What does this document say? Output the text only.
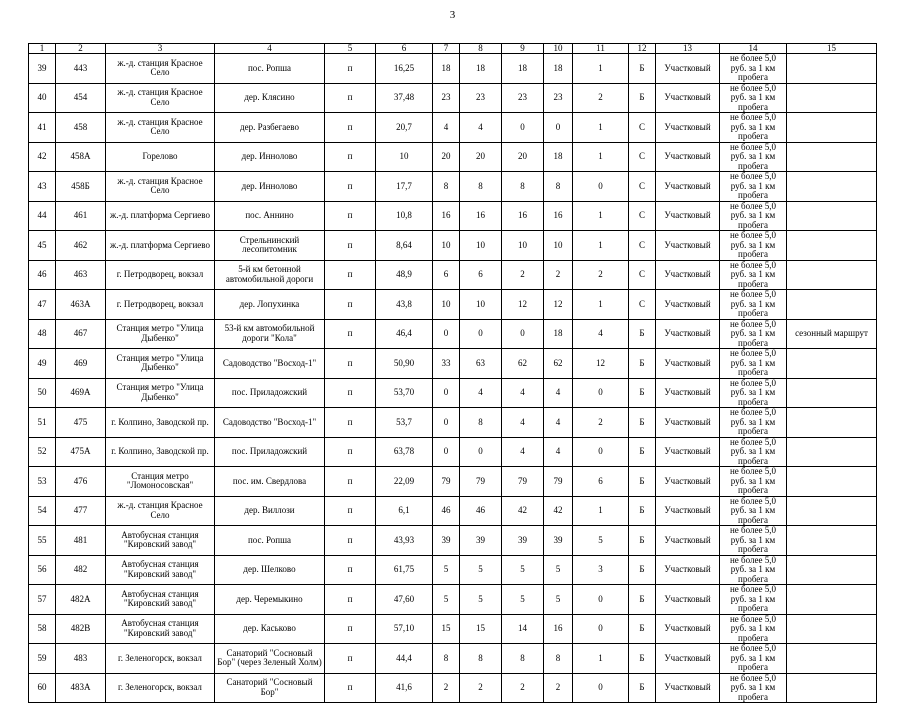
3
1	2	3	4	5	6	7	8	9	10	11	12	13	14	15
39	443	ж.-д. станция Красное Село	пос. Ропша	п	16,25	18	18	18	18	1	Б	Участковый	не более 5,0 руб. за 1 км пробега	
40	454	ж.-д. станция Красное Село	дер. Клясино	п	37,48	23	23	23	23	2	Б	Участковый	не более 5,0 руб. за 1 км пробега	
41	458	ж.-д. станция Красное Село	дер. Разбегаево	п	20,7	4	4	0	0	1	С	Участковый	не более 5,0 руб. за 1 км пробега	
42	458А	Горелово	дер. Иннолово	п	10	20	20	20	18	1	С	Участковый	не более 5,0 руб. за 1 км пробега	
43	458Б	ж.-д. станция Красное Село	дер. Иннолово	п	17,7	8	8	8	8	0	С	Участковый	не более 5,0 руб. за 1 км пробега	
44	461	ж.-д. платформа Сергиево	пос. Аннино	п	10,8	16	16	16	16	1	С	Участковый	не более 5,0 руб. за 1 км пробега	
45	462	ж.-д. платформа Сергиево	Стрельнинский лесопитомник	п	8,64	10	10	10	10	1	С	Участковый	не более 5,0 руб. за 1 км пробега	
46	463	г. Петродворец, вокзал	5-й км бетонной автомобильной дороги	п	48,9	6	6	2	2	2	С	Участковый	не более 5,0 руб. за 1 км пробега	
47	463А	г. Петродворец, вокзал	дер. Лопухинка	п	43,8	10	10	12	12	1	С	Участковый	не более 5,0 руб. за 1 км пробега	
48	467	Станция метро "Улица Дыбенко"	53-й км автомобильной дороги "Кола"	п	46,4	0	0	0	18	4	Б	Участковый	не более 5,0 руб. за 1 км пробега	сезонный маршрут
49	469	Станция метро "Улица Дыбенко"	Садоводство "Восход-1"	п	50,90	33	63	62	62	12	Б	Участковый	не более 5,0 руб. за 1 км пробега	
50	469А	Станция метро "Улица Дыбенко"	пос. Приладожский	п	53,70	0	4	4	4	0	Б	Участковый	не более 5,0 руб. за 1 км пробега	
51	475	г. Колпино, Заводской пр.	Садоводство "Восход-1"	п	53,7	0	8	4	4	2	Б	Участковый	не более 5,0 руб. за 1 км пробега	
52	475А	г. Колпино, Заводской пр.	пос. Приладожский	п	63,78	0	0	4	4	0	Б	Участковый	не более 5,0 руб. за 1 км пробега	
53	476	Станция метро "Ломоносовская"	пос. им. Свердлова	п	22,09	79	79	79	79	6	Б	Участковый	не более 5,0 руб. за 1 км пробега	
54	477	ж.-д. станция Красное Село	дер. Виллози	п	6,1	46	46	42	42	1	Б	Участковый	не более 5,0 руб. за 1 км пробега	
55	481	Автобусная станция "Кировский завод"	пос. Ропша	п	43,93	39	39	39	39	5	Б	Участковый	не более 5,0 руб. за 1 км пробега	
56	482	Автобусная станция "Кировский завод"	дер. Шелково	п	61,75	5	5	5	5	3	Б	Участковый	не более 5,0 руб. за 1 км пробега	
57	482А	Автобусная станция "Кировский завод"	дер. Черемыкино	п	47,60	5	5	5	5	0	Б	Участковый	не более 5,0 руб. за 1 км пробега	
58	482В	Автобусная станция "Кировский завод"	дер. Каськово	п	57,10	15	15	14	16	0	Б	Участковый	не более 5,0 руб. за 1 км пробега	
59	483	г. Зеленогорск, вокзал	Санаторий "Сосновый Бор" (через Зеленый Холм)	п	44,4	8	8	8	8	1	Б	Участковый	не более 5,0 руб. за 1 км пробега	
60	483А	г. Зеленогорск, вокзал	Санаторий "Сосновый Бор"	п	41,6	2	2	2	2	0	Б	Участковый	не более 5,0 руб. за 1 км пробега	
